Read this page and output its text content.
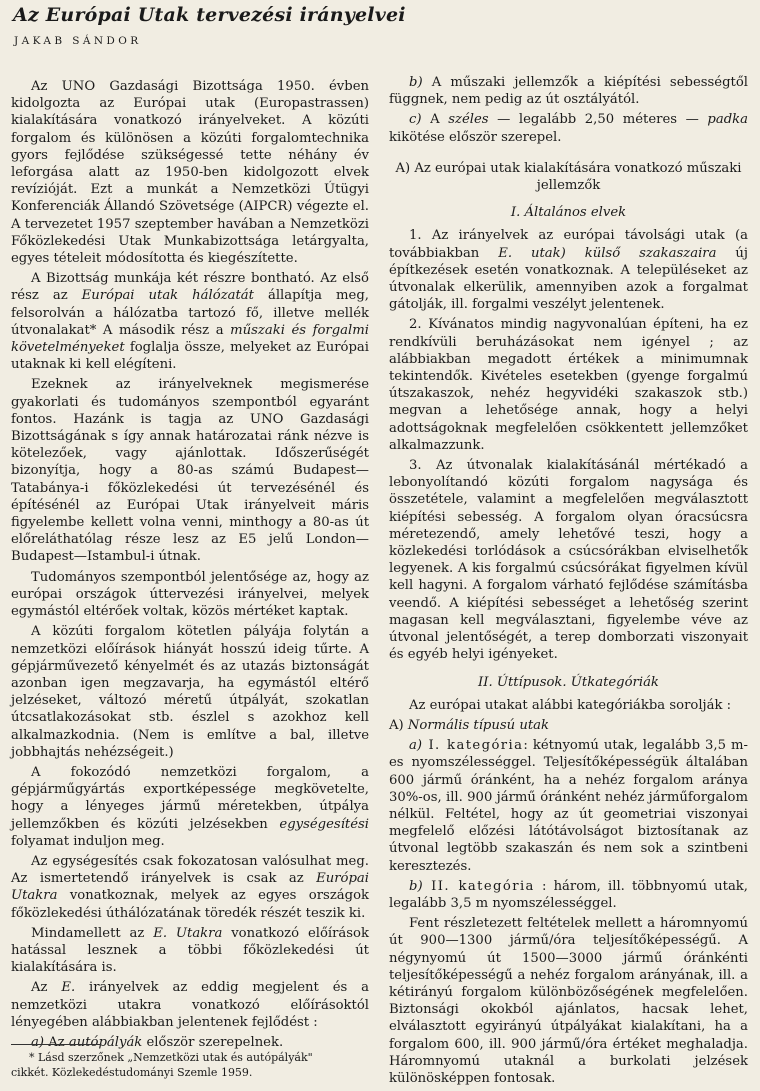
Az Európai Utak tervezési irányelvei
JAKAB SÁNDOR

Az UNO Gazdasági Bizottsága 1950. évben kidolgozta az Európai utak (Europastrassen) kialakítására vonatkozó irányelveket. A közúti forgalom és különösen a közúti forgalomtechnika gyors fejlődése szükségessé tette néhány év leforgása alatt az 1950-ben kidolgozott elvek revízióját. Ezt a munkát a Nemzetközi Útügyi Konferenciák Állandó Szövetsége (AIPCR) végezte el. A tervezetet 1957 szeptember havában a Nemzetközi Főközlekedési Utak Munkabizottsága letárgyalta, egyes tételeit módosította és kiegészítette.

A Bizottság munkája két részre bontható. Az első rész az Európai utak hálózatát állapítja meg, felsorolván a hálózatba tartozó fő, illetve mellék útvonalakat* A második rész a műszaki és forgalmi követelményeket foglalja össze, melyeket az Európai utaknak ki kell elégíteni.

Ezeknek az irányelveknek megismerése gyakorlati és tudományos szempontból egyaránt fontos. Hazánk is tagja az UNO Gazdasági Bizottságának s így annak határozatai ránk nézve is kötelezőek, vagy ajánlottak. Időszerűségét bizonyítja, hogy a 80-as számú Budapest—Tatabánya-i főközlekedési út tervezésénél és építésénél az Európai Utak irányelveit máris figyelembe kellett volna venni, minthogy a 80-as út előreláthatólag része lesz az E5 jelű London—Budapest—Istambul-i útnak.

Tudományos szempontból jelentősége az, hogy az európai országok úttervezési irányelvei, melyek egymástól eltérőek voltak, közös mértéket kaptak.

A közúti forgalom kötetlen pályája folytán a nemzetközi előírások hiányát hosszú ideig tűrte. A gépjárművezető kényelmét és az utazás biztonságát azonban igen megzavarja, ha egymástól eltérő jelzéseket, változó méretű útpályát, szokatlan útcsatlakozásokat stb. észlel s azokhoz kell alkalmazkodnia. (Nem is említve a bal, illetve jobbhajtás nehézségeit.)

A fokozódó nemzetközi forgalom, a gépjárműgyártás exportképessége megkövetelte, hogy a lényeges jármű méretekben, útpálya jellemzőkben és közúti jelzésekben egységesítési folyamat induljon meg.

Az egységesítés csak fokozatosan valósulhat meg. Az ismertetendő irányelvek is csak az Európai Utakra vonatkoznak, melyek az egyes országok főközlekedési úthálózatának töredék részét teszik ki.

Mindamellett az E. Utakra vonatkozó előírások hatással lesznek a többi főközlekedési út kialakítására is.

Az E. irányelvek az eddig megjelent és a nemzetközi utakra vonatkozó előírásoktól lényegében alábbiakban jelentenek fejlődést :

a) Az autópályák először szerepelnek.

b) A műszaki jellemzők a kiépítési sebességtől függnek, nem pedig az út osztályától.

c) A széles — legalább 2,50 méteres — padka kikötése először szerepel.

A) Az európai utak kialakítására vonatkozó műszaki jellemzők

I. Általános elvek

1. Az irányelvek az európai távolsági utak (a továbbiakban E. utak) külső szakaszaira új építkezések esetén vonatkoznak. A településeket az útvonalak elkerülik, amennyiben azok a forgalmat gátolják, ill. forgalmi veszélyt jelentenek.

2. Kívánatos mindig nagyvonalúan építeni, ha ez rendkívüli beruházásokat nem igényel ; az alábbiakban megadott értékek a minimumnak tekintendők. Kivételes esetekben (gyenge forgalmú útszakaszok, nehéz hegyvidéki szakaszok stb.) megvan a lehetősége annak, hogy a helyi adottságoknak megfelelően csökkentett jellemzőket alkalmazzunk.

3. Az útvonalak kialakításánál mértékadó a lebonyolítandó közúti forgalom nagysága és összetétele, valamint a megfelelően megválasztott kiépítési sebesség. A forgalom olyan óracsúcsra méretezendő, amely lehetővé teszi, hogy a közlekedési torlódások a csúcsórákban elviselhetők legyenek. A kis forgalmú csúcsórákat figyelmen kívül kell hagyni. A forgalom várható fejlődése számításba veendő. A kiépítési sebességet a lehetőség szerint magasan kell megválasztani, figyelembe véve az útvonal jelentőségét, a terep domborzati viszonyait és egyéb helyi igényeket.

II. Úttípusok. Útkategóriák

Az európai utakat alábbi kategóriákba sorolják :

A) Normális típusú utak

a) I. kategória: kétnyomú utak, legalább 3,5 m-es nyomszélességgel. Teljesítőképességük általában 600 jármű óránként, ha a nehéz forgalom aránya 30%-os, ill. 900 jármű óránként nehéz járműforgalom nélkül. Feltétel, hogy az út geometriai viszonyai megfelelő előzési látótávolságot biztosítanak az útvonal legtöbb szakaszán és nem sok a szintbeni keresztezés.

b) II. kategória : három, ill. többnyomú utak, legalább 3,5 m nyomszélességgel.

Fent részletezett feltételek mellett a háromnyomú út 900—1300 jármű/óra teljesítőképességű. A négynyomú út 1500—3000 jármű óránkénti teljesítőképességű a nehéz forgalom arányának, ill. a kétirányú forgalom különbözőségének megfelelően. Biztonsági okokból ajánlatos, hacsak lehet, elválasztott egyirányú útpályákat kialakítani, ha a forgalom 600, ill. 900 jármű/óra értéket meghaladja. Háromnyomú utaknál a burkolati jelzések különösképpen fontosak.

* Lásd szerzőnek „Nemzetközi utak és autópályák"
cikkét. Közlekedéstudományi Szemle 1959.
